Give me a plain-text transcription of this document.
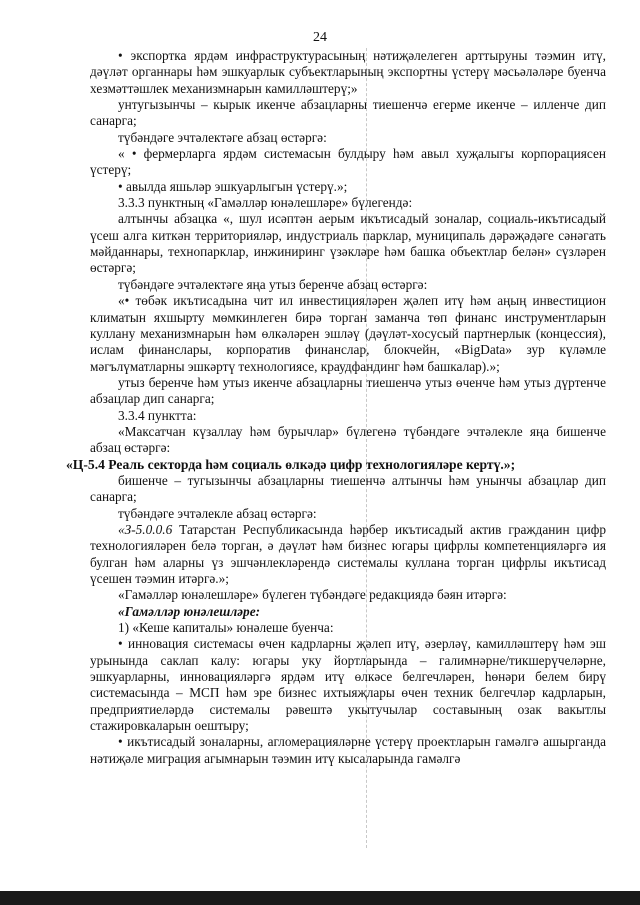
24

• экспортка ярдәм инфраструктурасының нәтиҗәлелеген арттыруны тәэмин итү, дәүләт органнары һәм эшкуарлык субъектларының экспортны үстерү мәсьәләләре буенча хезмәттәшлек механизмнарын камилләштерү;»

унтугызынчы – кырык икенче абзацларны тиешенчә егерме икенче – илленче дип санарга;

түбәндәге эчтәлектәге абзац өстәргә:

« • фермерларга ярдәм системасын булдыру һәм авыл хуҗалыгы корпорациясен үстерү;

• авылда яшьләр эшкуарлыгын үстерү.»;

3.3.3 пунктның «Гамәлләр юнәлешләре» бүлегендә:

алтынчы абзацка «, шул исәптән аерым икътисадый зоналар, социаль-икътисадый үсеш алга киткән территорияләр, индустриаль парклар, муниципаль дәрәҗәдәге сәнәгать мәйданнары, технопарклар, инжиниринг үзәкләре һәм башка объектлар белән» сүзләрен өстәргә;

түбәндәге эчтәлектәге яңа утыз беренче абзац өстәргә:

«• төбәк икътисадына чит ил инвестицияләрен җәлеп итү һәм аңың инвестицион климатын яхшырту мөмкинлеген бирә торган заманча төп финанс инструментларын куллану механизмнарын һәм өлкәләрен эшләү (дәүләт-хосусый партнерлык (концессия), ислам финанслары, корпоратив финанслар, блокчейн, «BigData» зур күләмле мәгълүматларны эшкәртү технологиясе, краудфандинг һәм башкалар).»;

утыз беренче һәм утыз икенче абзацларны тиешенчә утыз өченче һәм утыз дүртенче абзацлар дип санарга;

3.3.4 пунктта:

«Максатчан күзаллау һәм бурычлар» бүлегенә түбәндәге эчтәлекле яңа бишенче абзац өстәргә:

«Ц-5.4 Реаль секторда һәм социаль өлкәдә цифр технологияләре кертү.»;

бишенче – тугызынчы абзацларны тиешенчә алтынчы һәм унынчы абзацлар дип санарга;

түбәндәге эчтәлекле абзац өстәргә:

«З-5.0.0.6 Татарстан Республикасында һәрбер икътисадый актив гражданин цифр технологияләрен белә торган, ә дәүләт һәм бизнес югары цифрлы компетенцияләргә ия булган һәм аларны үз эшчәнлекләрендә системалы куллана торган цифрлы икътисад үсешен тәэмин итәргә.»;

«Гамәлләр юнәлешләре» бүлеген түбәндәге редакциядә бәян итәргә:

«Гамәлләр юнәлешләре:

1) «Кеше капиталы» юнәлеше буенча:

• инновация системасы өчен кадрларны җәлеп итү, әзерләү, камилләштерү һәм эш урынында саклап калу: югары уку йортларында – галимнәрне/тикшерүчеләрне, эшкуарларны, инновацияләргә ярдәм итү өлкәсе белгечләрен, һөнәри белем бирү системасында – МСП һәм эре бизнес ихтыяҗлары өчен техник белгечләр кадрларын, предприятиеләрдә системалы рәвештә укытучылар составының озак вакытлы стажировкаларын оештыру;

• икътисадый зоналарны, агломерацияләрне үстерү проектларын гамәлгә ашырганда нәтиҗәле миграция агымнарын тәэмин итү кысаларында гамәлгә
